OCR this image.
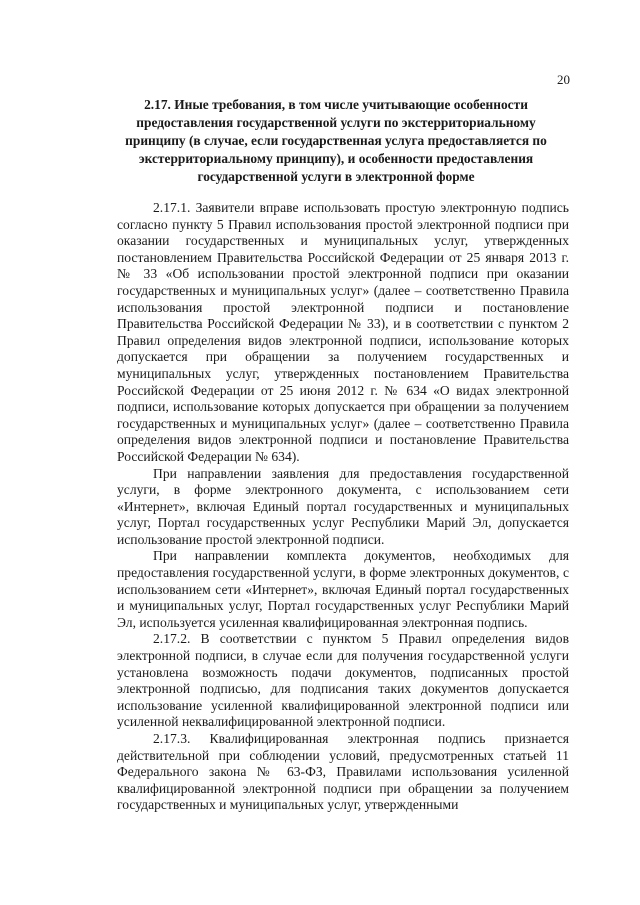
20
2.17. Иные требования, в том числе учитывающие особенности предоставления государственной услуги по экстерриториальному принципу (в случае, если государственная услуга предоставляется по экстерриториальному принципу), и особенности предоставления государственной услуги в электронной форме

2.17.1. Заявители вправе использовать простую электронную подпись согласно пункту 5 Правил использования простой электронной подписи при оказании государственных и муниципальных услуг, утвержденных постановлением Правительства Российской Федерации от 25 января 2013 г. № 33 «Об использовании простой электронной подписи при оказании государственных и муниципальных услуг» (далее – соответственно Правила использования простой электронной подписи и постановление Правительства Российской Федерации № 33), и в соответствии с пунктом 2 Правил определения видов электронной подписи, использование которых допускается при обращении за получением государственных и муниципальных услуг, утвержденных постановлением Правительства Российской Федерации от 25 июня 2012 г. № 634 «О видах электронной подписи, использование которых допускается при обращении за получением государственных и муниципальных услуг» (далее – соответственно Правила определения видов электронной подписи и постановление Правительства Российской Федерации № 634).

При направлении заявления для предоставления государственной услуги, в форме электронного документа, с использованием сети «Интернет», включая Единый портал государственных и муниципальных услуг, Портал государственных услуг Республики Марий Эл, допускается использование простой электронной подписи.

При направлении комплекта документов, необходимых для предоставления государственной услуги, в форме электронных документов, с использованием сети «Интернет», включая Единый портал государственных и муниципальных услуг, Портал государственных услуг Республики Марий Эл, используется усиленная квалифицированная электронная подпись.

2.17.2. В соответствии с пунктом 5 Правил определения видов электронной подписи, в случае если для получения государственной услуги установлена возможность подачи документов, подписанных простой электронной подписью, для подписания таких документов допускается использование усиленной квалифицированной электронной подписи или усиленной неквалифицированной электронной подписи.

2.17.3. Квалифицированная электронная подпись признается действительной при соблюдении условий, предусмотренных статьей 11 Федерального закона № 63-ФЗ, Правилами использования усиленной квалифицированной электронной подписи при обращении за получением государственных и муниципальных услуг, утвержденными
